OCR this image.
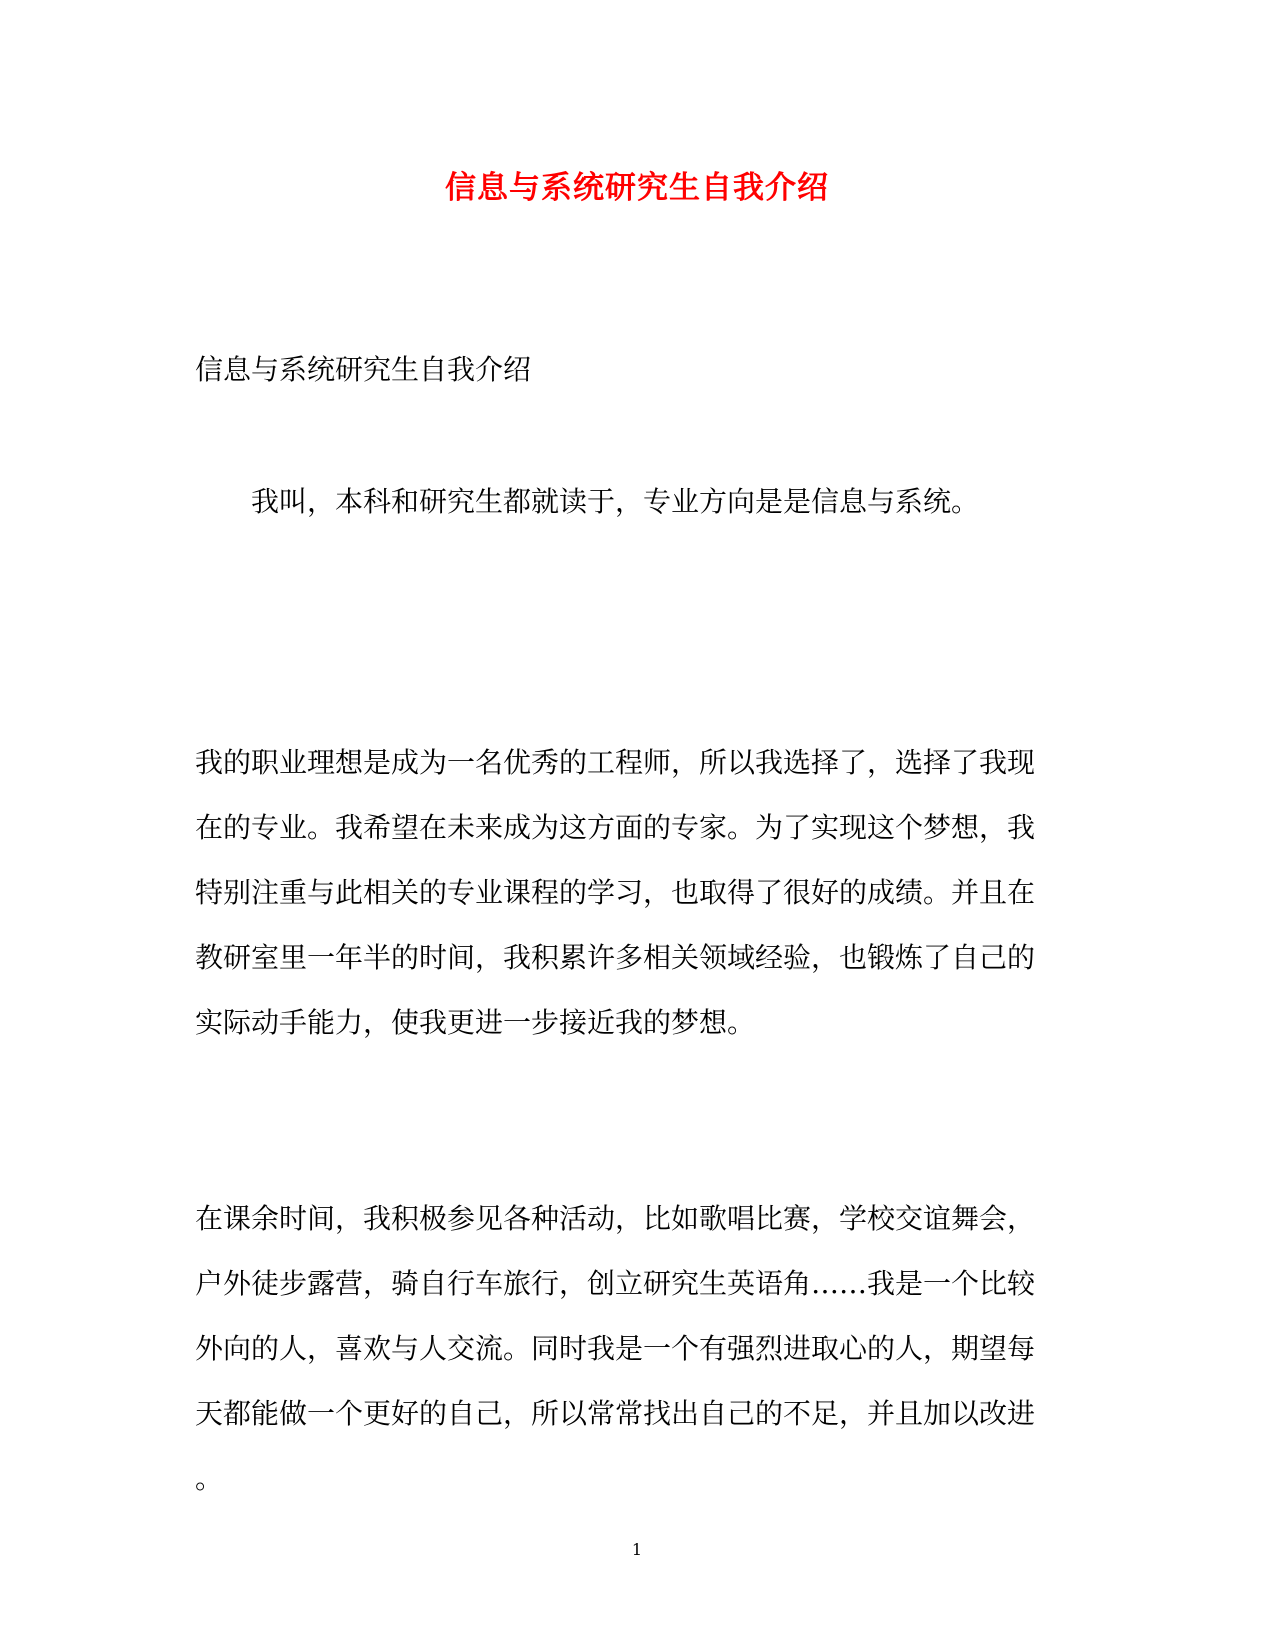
信息与系统研究生自我介绍
信息与系统研究生自我介绍
我叫，本科和研究生都就读于，专业方向是是信息与系统。
我的职业理想是成为一名优秀的工程师，所以我选择了，选择了我现
在的专业。我希望在未来成为这方面的专家。为了实现这个梦想，我
特别注重与此相关的专业课程的学习，也取得了很好的成绩。并且在
教研室里一年半的时间，我积累许多相关领域经验，也锻炼了自己的
实际动手能力，使我更进一步接近我的梦想。
在课余时间，我积极参见各种活动，比如歌唱比赛，学校交谊舞会，
户外徒步露营，骑自行车旅行，创立研究生英语角……我是一个比较
外向的人，喜欢与人交流。同时我是一个有强烈进取心的人，期望每
天都能做一个更好的自己，所以常常找出自己的不足，并且加以改进
。
1
